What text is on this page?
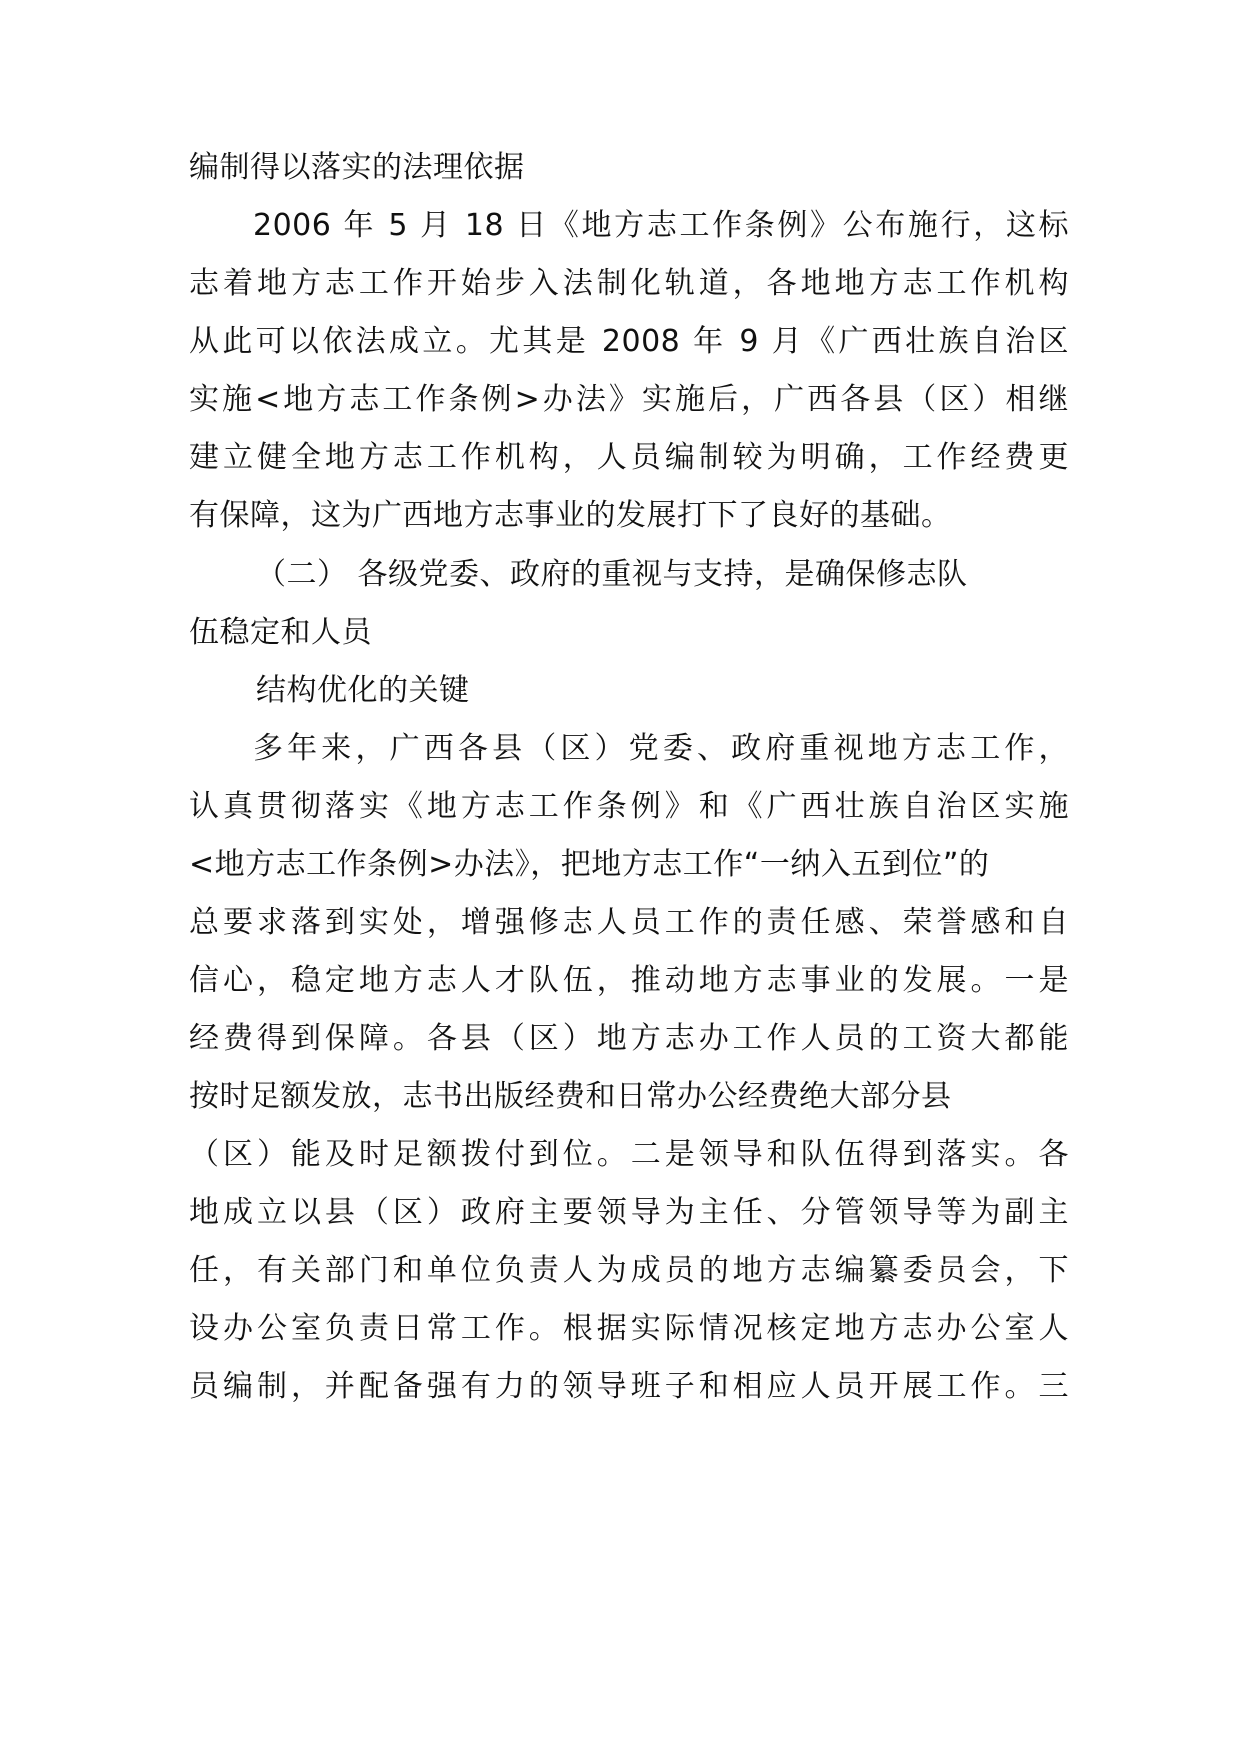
编制得以落实的法理依据
2006 年 5 月 18 日《地方志工作条例》公布施行，这标
志着地方志工作开始步入法制化轨道，各地地方志工作机构
从此可以依法成立。尤其是 2008 年 9 月《广西壮族自治区
实施<地方志工作条例>办法》实施后，广西各县（区）相继
建立健全地方志工作机构，人员编制较为明确，工作经费更
有保障，这为广西地方志事业的发展打下了良好的基础。
（二） 各级党委、政府的重视与支持，是确保修志队
伍稳定和人员
结构优化的关键
多年来，广西各县（区）党委、政府重视地方志工作，
认真贯彻落实《地方志工作条例》和《广西壮族自治区实施
<地方志工作条例>办法》，把地方志工作“一纳入五到位”的
总要求落到实处，增强修志人员工作的责任感、荣誉感和自
信心，稳定地方志人才队伍，推动地方志事业的发展。一是
经费得到保障。各县（区）地方志办工作人员的工资大都能
按时足额发放，志书出版经费和日常办公经费绝大部分县
（区）能及时足额拨付到位。二是领导和队伍得到落实。各
地成立以县（区）政府主要领导为主任、分管领导等为副主
任，有关部门和单位负责人为成员的地方志编纂委员会，下
设办公室负责日常工作。根据实际情况核定地方志办公室人
员编制，并配备强有力的领导班子和相应人员开展工作。三
